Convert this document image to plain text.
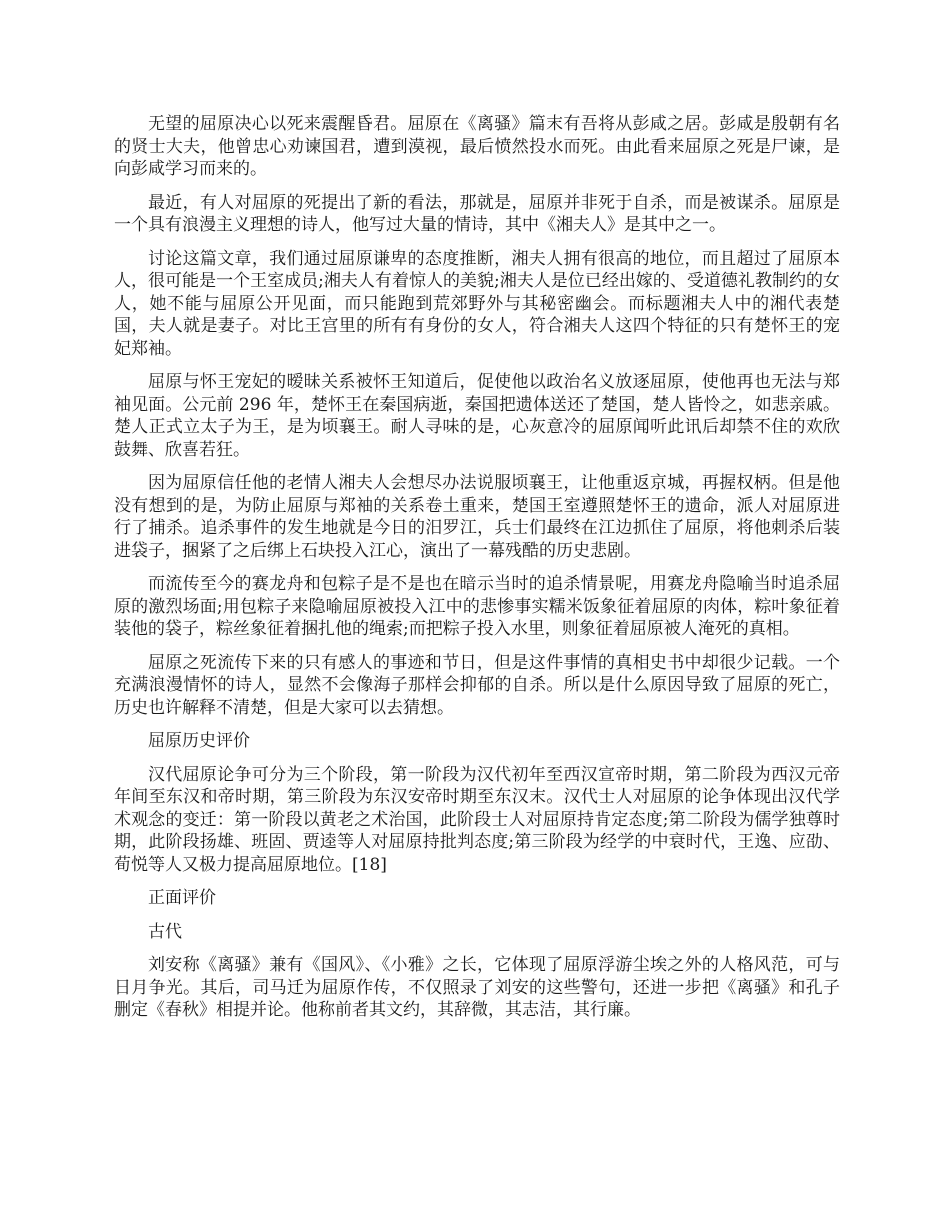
无望的屈原决心以死来震醒昏君。屈原在《离骚》篇末有吾将从彭咸之居。彭咸是殷朝有名的贤士大夫，他曾忠心劝谏国君，遭到漠视，最后愤然投水而死。由此看来屈原之死是尸谏，是向彭咸学习而来的。

最近，有人对屈原的死提出了新的看法，那就是，屈原并非死于自杀，而是被谋杀。屈原是一个具有浪漫主义理想的诗人，他写过大量的情诗，其中《湘夫人》是其中之一。

讨论这篇文章，我们通过屈原谦卑的态度推断，湘夫人拥有很高的地位，而且超过了屈原本人，很可能是一个王室成员;湘夫人有着惊人的美貌;湘夫人是位已经出嫁的、受道德礼教制约的女人，她不能与屈原公开见面，而只能跑到荒郊野外与其秘密幽会。而标题湘夫人中的湘代表楚国，夫人就是妻子。对比王宫里的所有有身份的女人，符合湘夫人这四个特征的只有楚怀王的宠妃郑袖。

屈原与怀王宠妃的暧昧关系被怀王知道后，促使他以政治名义放逐屈原，使他再也无法与郑袖见面。公元前 296 年，楚怀王在秦国病逝，秦国把遗体送还了楚国，楚人皆怜之，如悲亲戚。楚人正式立太子为王，是为顷襄王。耐人寻味的是，心灰意冷的屈原闻听此讯后却禁不住的欢欣鼓舞、欣喜若狂。

因为屈原信任他的老情人湘夫人会想尽办法说服顷襄王，让他重返京城，再握权柄。但是他没有想到的是，为防止屈原与郑袖的关系卷土重来，楚国王室遵照楚怀王的遗命，派人对屈原进行了捕杀。追杀事件的发生地就是今日的汨罗江，兵士们最终在江边抓住了屈原，将他刺杀后装进袋子，捆紧了之后绑上石块投入江心，演出了一幕残酷的历史悲剧。

而流传至今的赛龙舟和包粽子是不是也在暗示当时的追杀情景呢，用赛龙舟隐喻当时追杀屈原的激烈场面;用包粽子来隐喻屈原被投入江中的悲惨事实糯米饭象征着屈原的肉体，粽叶象征着装他的袋子，粽丝象征着捆扎他的绳索;而把粽子投入水里，则象征着屈原被人淹死的真相。

屈原之死流传下来的只有感人的事迹和节日，但是这件事情的真相史书中却很少记载。一个充满浪漫情怀的诗人，显然不会像海子那样会抑郁的自杀。所以是什么原因导致了屈原的死亡，历史也许解释不清楚，但是大家可以去猜想。

屈原历史评价

汉代屈原论争可分为三个阶段，第一阶段为汉代初年至西汉宣帝时期，第二阶段为西汉元帝年间至东汉和帝时期，第三阶段为东汉安帝时期至东汉末。汉代士人对屈原的论争体现出汉代学术观念的变迁：第一阶段以黄老之术治国，此阶段士人对屈原持肯定态度;第二阶段为儒学独尊时期，此阶段扬雄、班固、贾逵等人对屈原持批判态度;第三阶段为经学的中衰时代，王逸、应劭、荀悦等人又极力提高屈原地位。[18]

正面评价

古代

刘安称《离骚》兼有《国风》、《小雅》之长，它体现了屈原浮游尘埃之外的人格风范，可与日月争光。其后，司马迁为屈原作传，不仅照录了刘安的这些警句，还进一步把《离骚》和孔子删定《春秋》相提并论。他称前者其文约，其辞微，其志洁，其行廉。
